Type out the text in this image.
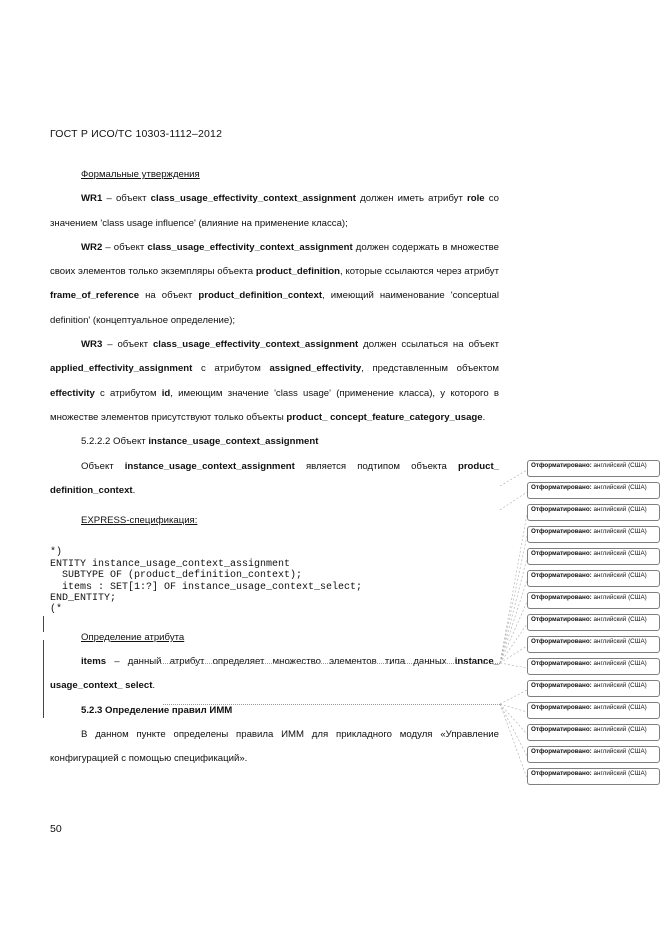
ГОСТ Р ИСО/ТС 10303-1112–2012

Формальные утверждения

WR1 – объект class_usage_effectivity_context_assignment должен иметь атрибут role со значением 'class usage influence' (влияние на применение класса);

WR2 – объект class_usage_effectivity_context_assignment должен содержать в множестве своих элементов только экземпляры объекта product_definition, которые ссылаются через атрибут frame_of_reference на объект product_definition_context, имеющий наименование 'conceptual definition' (концептуальное определение);

WR3 – объект class_usage_effectivity_context_assignment должен ссылаться на объект applied_effectivity_assignment с атрибутом assigned_effectivity, представленным объектом effectivity с атрибутом id, имеющим значение 'class usage' (применение класса), у которого в множестве элементов присутствуют только объекты product_ concept_feature_category_usage.

5.2.2.2 Объект instance_usage_context_assignment

Объект instance_usage_context_assignment является подтипом объекта product_ definition_context.

EXPRESS-спецификация:

*)
ENTITY instance_usage_context_assignment
SUBTYPE OF (product_definition_context);
items : SET[1:?] OF instance_usage_context_select;
END_ENTITY;
(*

Определение атрибута

items – данный атрибут определяет множество элементов типа данных instance_ usage_context_ select.

5.2.3 Определение правил ИММ

В данном пункте определены правила ИММ для прикладного модуля «Управление конфигурацией с помощью спецификаций».

Отформатировано: английский (США)
Отформатировано: английский (США)
Отформатировано: английский (США)
Отформатировано: английский (США)
Отформатировано: английский (США)
Отформатировано: английский (США)
Отформатировано: английский (США)
Отформатировано: английский (США)
Отформатировано: английский (США)
Отформатировано: английский (США)
Отформатировано: английский (США)
Отформатировано: английский (США)
Отформатировано: английский (США)
Отформатировано: английский (США)
Отформатировано: английский (США)
50
